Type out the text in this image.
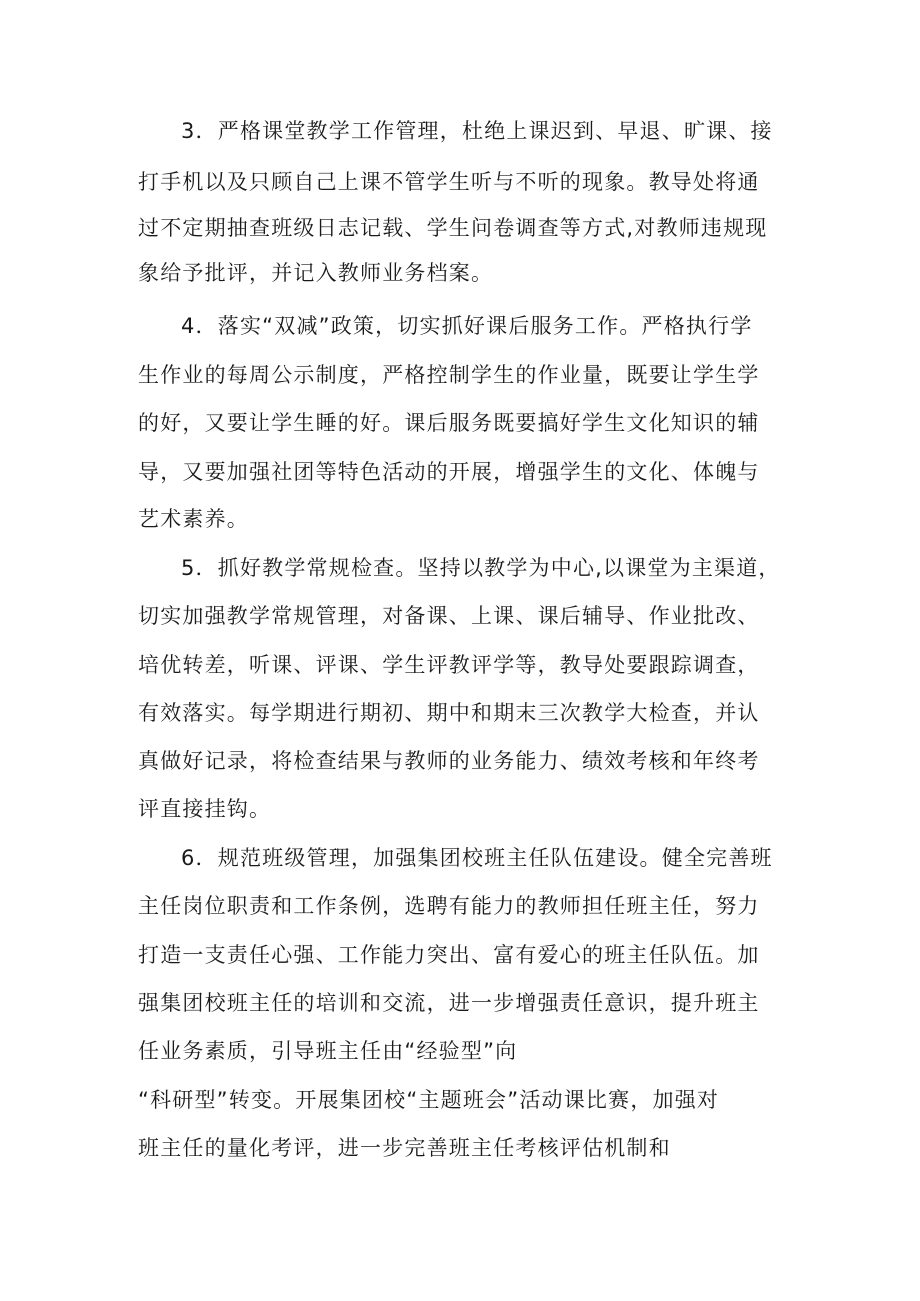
3．严格课堂教学工作管理，杜绝上课迟到、早退、旷课、接
打手机以及只顾自己上课不管学生听与不听的现象。教导处将通
过不定期抽查班级日志记载、学生问卷调查等方式,对教师违规现
象给予批评，并记入教师业务档案。
4．落实“双减”政策，切实抓好课后服务工作。严格执行学
生作业的每周公示制度，严格控制学生的作业量，既要让学生学
的好，又要让学生睡的好。课后服务既要搞好学生文化知识的辅
导，又要加强社团等特色活动的开展，增强学生的文化、体魄与
艺术素养。
5．抓好教学常规检查。坚持以教学为中心,以课堂为主渠道，
切实加强教学常规管理，对备课、上课、课后辅导、作业批改、
培优转差，听课、评课、学生评教评学等，教导处要跟踪调查，
有效落实。每学期进行期初、期中和期末三次教学大检查，并认
真做好记录，将检查结果与教师的业务能力、绩效考核和年终考
评直接挂钩。
6．规范班级管理，加强集团校班主任队伍建设。健全完善班
主任岗位职责和工作条例，选聘有能力的教师担任班主任，努力
打造一支责任心强、工作能力突出、富有爱心的班主任队伍。加
强集团校班主任的培训和交流，进一步增强责任意识，提升班主
任业务素质，引导班主任由“经验型”向
“科研型”转变。开展集团校“主题班会”活动课比赛，加强对
班主任的量化考评，进一步完善班主任考核评估机制和
